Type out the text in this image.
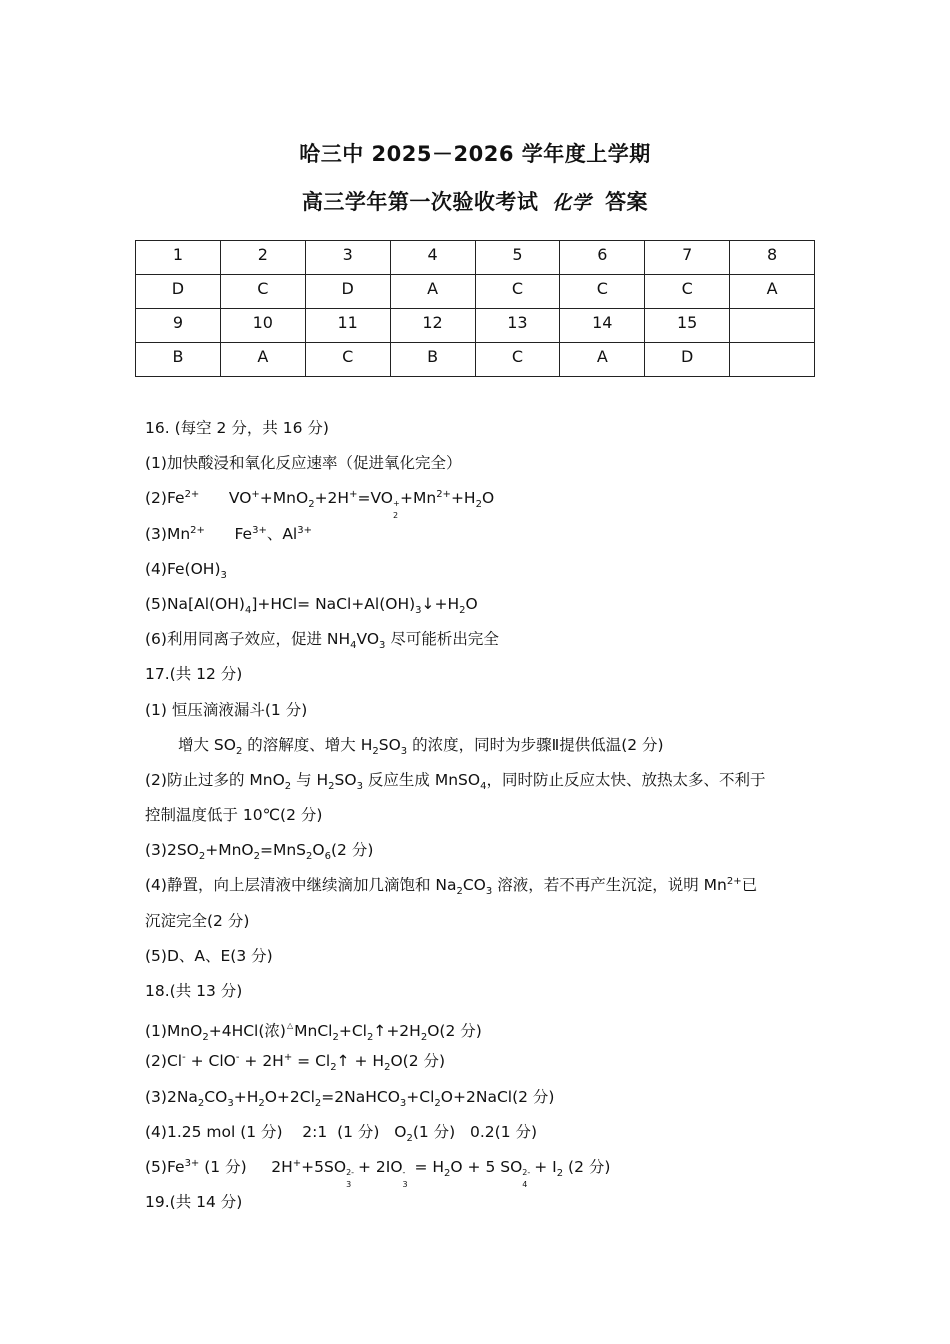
哈三中 2025－2026 学年度上学期
高三学年第一次验收考试 化学 答案
1	2	3	4	5	6	7	8
D	C	D	A	C	C	C	A
9	10	11	12	13	14	15	
B	A	C	B	C	A	D	
16. (每空 2 分，共 16 分)
(1)加快酸浸和氧化反应速率（促进氧化完全）
$(2)Fe^{2+}$      VO++MnO$_2$+2H+=VO +
2
$+Mn^{2+}+H_2O$
$(3)Mn^{2+}$      $Fe^{3+}$、$Al^{3+}$
$(4)Fe(OH)_3$
$(5)Na[Al(OH)_4]+HCl=$ $NaCl+Al(OH)_3↓+H_2O$
(6)利用同离子效应，促进 $NH_4VO_3$ 尽可能析出完全
17.(共 12 分)
(1) 恒压滴液漏斗(1 分)
增大 $SO_2$ 的溶解度、增大 $H_2SO_3$ 的浓度，同时为步骤Ⅱ提供低温(2 分)
(2)防止过多的 MnO$_2$ 与 $H_2SO_3$ 反应生成 MnSO$_4$，同时防止反应太快、放热太多、不利于
控制温度低于 10℃(2 分)
$(3)2SO_2+MnO_2=MnS_2O_6(2$ 分)
(4)静置，向上层清液中继续滴加几滴饱和 $Na_2CO_3$ 溶液，若不再产生沉淀，说明 $Mn^{2+}$已
沉淀完全(2 分)
(5)D、A、E(3 分)
18.(共 13 分)
(1)MnO$_2$+4HCl(浓)$\triangle MnCl_2+Cl_2↑+2H_2O(2$ 分)
$(2)Cl^- + ClO^- + 2H^+ = Cl_2↑ + H_2O(2$ 分)
$(3)2Na_2CO_3+H_2O+2Cl_2=2NaHCO_3+Cl_2O+2NaCl(2$ 分)
(4)1.25 mol (1 分)    2:1  (1 分)   $O_2(1$ 分)   0.2(1 分)
$(5)Fe^{3+}$ (1 分)     2H++5SO 2-
3
+ 2IO -
3
= $H_2O + 5$ SO 2-
4
+ $I_2$ (2 分)
19.(共 14 分)
